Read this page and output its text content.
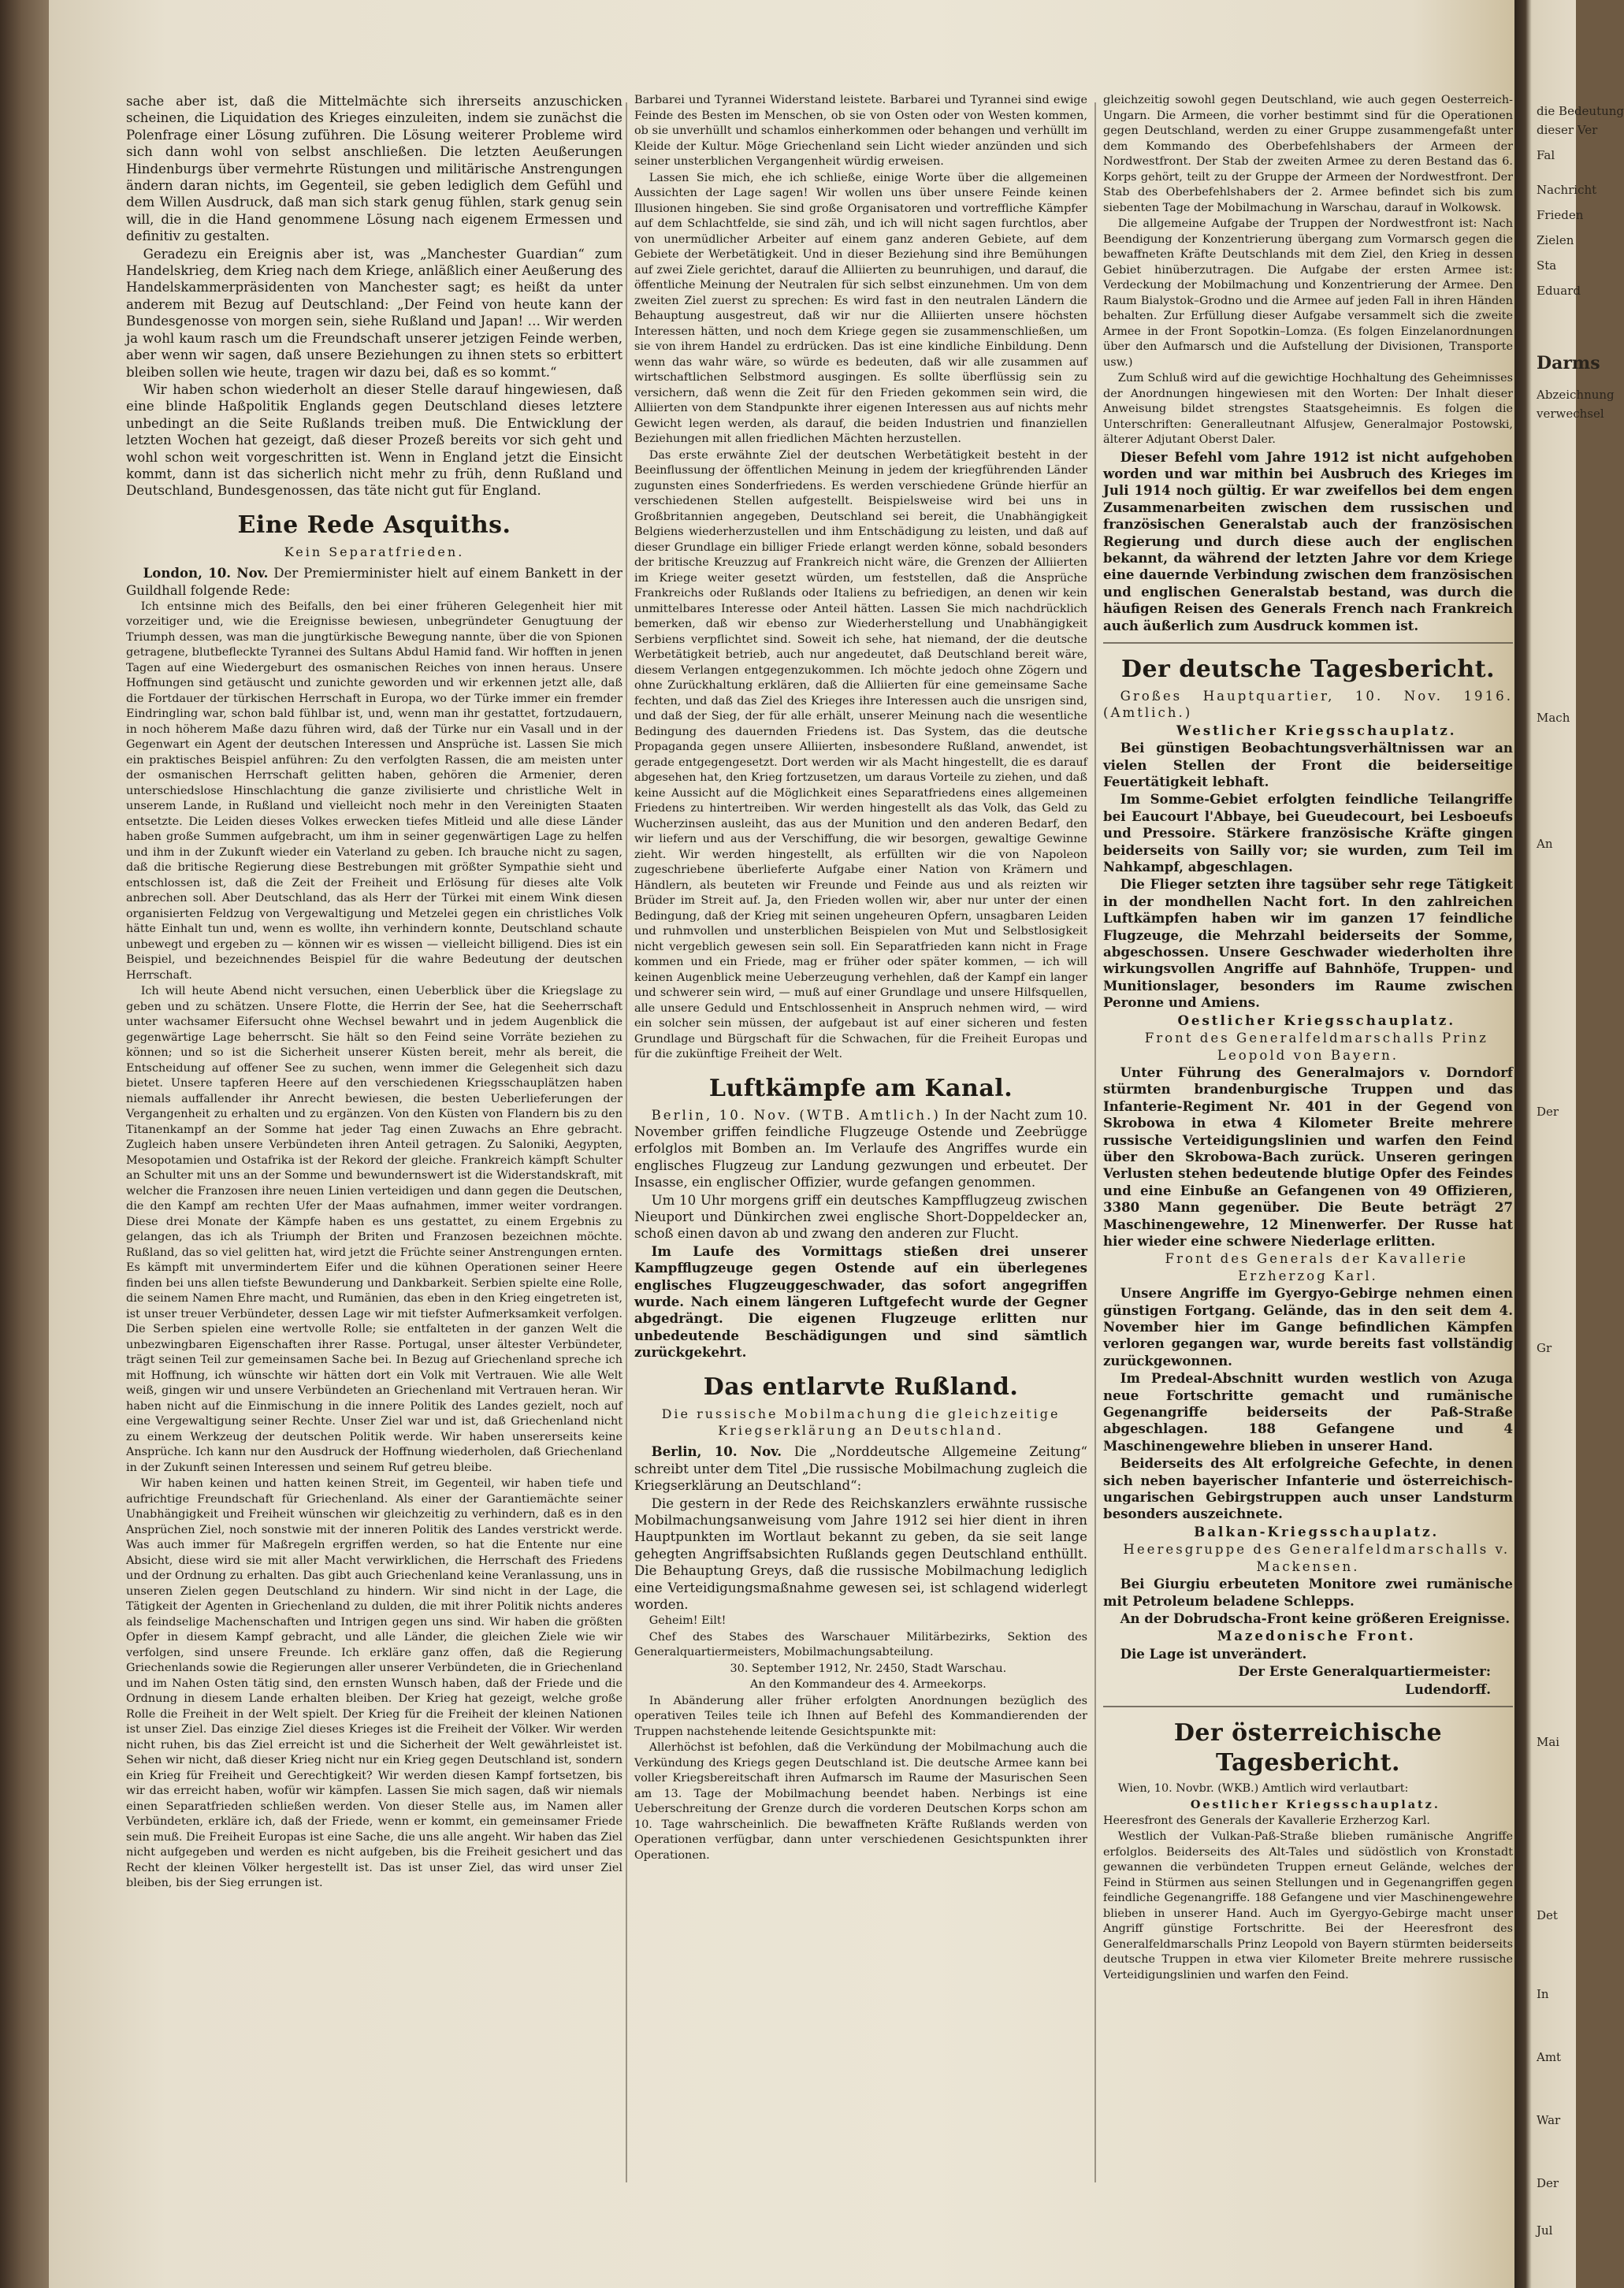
sache aber ist, daß die Mittelmächte sich ihrerseits anzuschicken scheinen, die Liquidation des Krieges einzuleiten, indem sie zunächst die Polenfrage einer Lösung zuführen. Die Lösung weiterer Probleme wird sich dann wohl von selbst anschließen. Die letzten Aeußerungen Hindenburgs über vermehrte Rüstungen und militärische Anstrengungen ändern daran nichts, im Gegenteil, sie geben lediglich dem Gefühl und dem Willen Ausdruck, daß man sich stark genug fühlen, stark genug sein will, die in die Hand genommene Lösung nach eigenem Ermessen und definitiv zu gestalten.

Geradezu ein Ereignis aber ist, was „Manchester Guardian“ zum Handelskrieg, dem Krieg nach dem Kriege, anläßlich einer Aeußerung des Handelskammerpräsidenten von Manchester sagt; es heißt da unter anderem mit Bezug auf Deutschland: „Der Feind von heute kann der Bundesgenosse von morgen sein, siehe Rußland und Japan! … Wir werden ja wohl kaum rasch um die Freundschaft unserer jetzigen Feinde werben, aber wenn wir sagen, daß unsere Beziehungen zu ihnen stets so erbittert bleiben sollen wie heute, tragen wir dazu bei, daß es so kommt.“

Wir haben schon wiederholt an dieser Stelle darauf hingewiesen, daß eine blinde Haßpolitik Englands gegen Deutschland dieses letztere unbedingt an die Seite Rußlands treiben muß. Die Entwicklung der letzten Wochen hat gezeigt, daß dieser Prozeß bereits vor sich geht und wohl schon weit vorgeschritten ist. Wenn in England jetzt die Einsicht kommt, dann ist das sicherlich nicht mehr zu früh, denn Rußland und Deutschland, Bundesgenossen, das täte nicht gut für England.

Eine Rede Asquiths.
Kein Separatfrieden.

London, 10. Nov. Der Premierminister hielt auf einem Bankett in der Guildhall folgende Rede:

Ich entsinne mich des Beifalls, den bei einer früheren Gelegenheit hier mit vorzeitiger und, wie die Ereignisse bewiesen, unbegründeter Genugtuung der Triumph dessen, was man die jungtürkische Bewegung nannte, über die von Spionen getragene, blutbefleckte Tyrannei des Sultans Abdul Hamid fand. Wir hofften in jenen Tagen auf eine Wiedergeburt des osmanischen Reiches von innen heraus. Unsere Hoffnungen sind getäuscht und zunichte geworden und wir erkennen jetzt alle, daß die Fortdauer der türkischen Herrschaft in Europa, wo der Türke immer ein fremder Eindringling war, schon bald fühlbar ist, und, wenn man ihr gestattet, fortzudauern, in noch höherem Maße dazu führen wird, daß der Türke nur ein Vasall und in der Gegenwart ein Agent der deutschen Interessen und Ansprüche ist. Lassen Sie mich ein praktisches Beispiel anführen: Zu den verfolgten Rassen, die am meisten unter der osmanischen Herrschaft gelitten haben, gehören die Armenier, deren unterschiedslose Hinschlachtung die ganze zivilisierte und christliche Welt in unserem Lande, in Rußland und vielleicht noch mehr in den Vereinigten Staaten entsetzte. Die Leiden dieses Volkes erwecken tiefes Mitleid und alle diese Länder haben große Summen aufgebracht, um ihm in seiner gegenwärtigen Lage zu helfen und ihm in der Zukunft wieder ein Vaterland zu geben. Ich brauche nicht zu sagen, daß die britische Regierung diese Bestrebungen mit größter Sympathie sieht und entschlossen ist, daß die Zeit der Freiheit und Erlösung für dieses alte Volk anbrechen soll. Aber Deutschland, das als Herr der Türkei mit einem Wink diesen organisierten Feldzug von Vergewaltigung und Metzelei gegen ein christliches Volk hätte Einhalt tun und, wenn es wollte, ihn verhindern konnte, Deutschland schaute unbewegt und ergeben zu — können wir es wissen — vielleicht billigend. Dies ist ein Beispiel, und bezeichnendes Beispiel für die wahre Bedeutung der deutschen Herrschaft.

Ich will heute Abend nicht versuchen, einen Ueberblick über die Kriegslage zu geben und zu schätzen. Unsere Flotte, die Herrin der See, hat die Seeherrschaft unter wachsamer Eifersucht ohne Wechsel bewahrt und in jedem Augenblick die gegenwärtige Lage beherrscht. Sie hält so den Feind seine Vorräte beziehen zu können; und so ist die Sicherheit unserer Küsten bereit, mehr als bereit, die Entscheidung auf offener See zu suchen, wenn immer die Gelegenheit sich dazu bietet. Unsere tapferen Heere auf den verschiedenen Kriegsschauplätzen haben niemals auffallender ihr Anrecht bewiesen, die besten Ueberlieferungen der Vergangenheit zu erhalten und zu ergänzen. Von den Küsten von Flandern bis zu den Titanenkampf an der Somme hat jeder Tag einen Zuwachs an Ehre gebracht. Zugleich haben unsere Verbündeten ihren Anteil getragen. Zu Saloniki, Aegypten, Mesopotamien und Ostafrika ist der Rekord der gleiche. Frankreich kämpft Schulter an Schulter mit uns an der Somme und bewundernswert ist die Widerstandskraft, mit welcher die Franzosen ihre neuen Linien verteidigen und dann gegen die Deutschen, die den Kampf am rechten Ufer der Maas aufnahmen, immer weiter vordrangen. Diese drei Monate der Kämpfe haben es uns gestattet, zu einem Ergebnis zu gelangen, das ich als Triumph der Briten und Franzosen bezeichnen möchte. Rußland, das so viel gelitten hat, wird jetzt die Früchte seiner Anstrengungen ernten. Es kämpft mit unvermindertem Eifer und die kühnen Operationen seiner Heere finden bei uns allen tiefste Bewunderung und Dankbarkeit. Serbien spielte eine Rolle, die seinem Namen Ehre macht, und Rumänien, das eben in den Krieg eingetreten ist, ist unser treuer Verbündeter, dessen Lage wir mit tiefster Aufmerksamkeit verfolgen. Die Serben spielen eine wertvolle Rolle; sie entfalteten in der ganzen Welt die unbezwingbaren Eigenschaften ihrer Rasse. Portugal, unser ältester Verbündeter, trägt seinen Teil zur gemeinsamen Sache bei. In Bezug auf Griechenland spreche ich mit Hoffnung, ich wünschte wir hätten dort ein Volk mit Vertrauen. Wie alle Welt weiß, gingen wir und unsere Verbündeten an Griechenland mit Vertrauen heran. Wir haben nicht auf die Einmischung in die innere Politik des Landes gezielt, noch auf eine Vergewaltigung seiner Rechte. Unser Ziel war und ist, daß Griechenland nicht zu einem Werkzeug der deutschen Politik werde. Wir haben unsererseits keine Ansprüche. Ich kann nur den Ausdruck der Hoffnung wiederholen, daß Griechenland in der Zukunft seinen Interessen und seinem Ruf getreu bleibe.

Wir haben keinen und hatten keinen Streit, im Gegenteil, wir haben tiefe und aufrichtige Freundschaft für Griechenland. Als einer der Garantiemächte seiner Unabhängigkeit und Freiheit wünschen wir gleichzeitig zu verhindern, daß es in den Ansprüchen Ziel, noch sonstwie mit der inneren Politik des Landes verstrickt werde. Was auch immer für Maßregeln ergriffen werden, so hat die Entente nur eine Absicht, diese wird sie mit aller Macht verwirklichen, die Herrschaft des Friedens und der Ordnung zu erhalten. Das gibt auch Griechenland keine Veranlassung, uns in unseren Zielen gegen Deutschland zu hindern. Wir sind nicht in der Lage, die Tätigkeit der Agenten in Griechenland zu dulden, die mit ihrer Politik nichts anderes als feindselige Machenschaften und Intrigen gegen uns sind. Wir haben die größten Opfer in diesem Kampf gebracht, und alle Länder, die gleichen Ziele wie wir verfolgen, sind unsere Freunde. Ich erkläre ganz offen, daß die Regierung Griechenlands sowie die Regierungen aller unserer Verbündeten, die in Griechenland und im Nahen Osten tätig sind, den ernsten Wunsch haben, daß der Friede und die Ordnung in diesem Lande erhalten bleiben. Der Krieg hat gezeigt, welche große Rolle die Freiheit in der Welt spielt. Der Krieg für die Freiheit der kleinen Nationen ist unser Ziel. Das einzige Ziel dieses Krieges ist die Freiheit der Völker. Wir werden nicht ruhen, bis das Ziel erreicht ist und die Sicherheit der Welt gewährleistet ist. Sehen wir nicht, daß dieser Krieg nicht nur ein Krieg gegen Deutschland ist, sondern ein Krieg für Freiheit und Gerechtigkeit? Wir werden diesen Kampf fortsetzen, bis wir das erreicht haben, wofür wir kämpfen. Lassen Sie mich sagen, daß wir niemals einen Separatfrieden schließen werden. Von dieser Stelle aus, im Namen aller Verbündeten, erkläre ich, daß der Friede, wenn er kommt, ein gemeinsamer Friede sein muß. Die Freiheit Europas ist eine Sache, die uns alle angeht. Wir haben das Ziel nicht aufgegeben und werden es nicht aufgeben, bis die Freiheit gesichert und das Recht der kleinen Völker hergestellt ist. Das ist unser Ziel, das wird unser Ziel bleiben, bis der Sieg errungen ist.

Barbarei und Tyrannei Widerstand leistete. Barbarei und Tyrannei sind ewige Feinde des Besten im Menschen, ob sie von Osten oder von Westen kommen, ob sie unverhüllt und schamlos einherkommen oder behangen und verhüllt im Kleide der Kultur. Möge Griechenland sein Licht wieder anzünden und sich seiner unsterblichen Vergangenheit würdig erweisen.

Lassen Sie mich, ehe ich schließe, einige Worte über die allgemeinen Aussichten der Lage sagen! Wir wollen uns über unsere Feinde keinen Illusionen hingeben. Sie sind große Organisatoren und vortreffliche Kämpfer auf dem Schlachtfelde, sie sind zäh, und ich will nicht sagen furchtlos, aber von unermüdlicher Arbeiter auf einem ganz anderen Gebiete, auf dem Gebiete der Werbetätigkeit. Und in dieser Beziehung sind ihre Bemühungen auf zwei Ziele gerichtet, darauf die Alliierten zu beunruhigen, und darauf, die öffentliche Meinung der Neutralen für sich selbst einzunehmen. Um von dem zweiten Ziel zuerst zu sprechen: Es wird fast in den neutralen Ländern die Behauptung ausgestreut, daß wir nur die Alliierten unsere höchsten Interessen hätten, und noch dem Kriege gegen sie zusammenschließen, um sie von ihrem Handel zu erdrücken. Das ist eine kindliche Einbildung. Denn wenn das wahr wäre, so würde es bedeuten, daß wir alle zusammen auf wirtschaftlichen Selbstmord ausgingen. Es sollte überflüssig sein zu versichern, daß wenn die Zeit für den Frieden gekommen sein wird, die Alliierten von dem Standpunkte ihrer eigenen Interessen aus auf nichts mehr Gewicht legen werden, als darauf, die beiden Industrien und finanziellen Beziehungen mit allen friedlichen Mächten herzustellen.

Das erste erwähnte Ziel der deutschen Werbetätigkeit besteht in der Beeinflussung der öffentlichen Meinung in jedem der kriegführenden Länder zugunsten eines Sonderfriedens. Es werden verschiedene Gründe hierfür an verschiedenen Stellen aufgestellt. Beispielsweise wird bei uns in Großbritannien angegeben, Deutschland sei bereit, die Unabhängigkeit Belgiens wiederherzustellen und ihm Entschädigung zu leisten, und daß auf dieser Grundlage ein billiger Friede erlangt werden könne, sobald besonders der britische Kreuzzug auf Frankreich nicht wäre, die Grenzen der Alliierten im Kriege weiter gesetzt würden, um feststellen, daß die Ansprüche Frankreichs oder Rußlands oder Italiens zu befriedigen, an denen wir kein unmittelbares Interesse oder Anteil hätten. Lassen Sie mich nachdrücklich bemerken, daß wir ebenso zur Wiederherstellung und Unabhängigkeit Serbiens verpflichtet sind. Soweit ich sehe, hat niemand, der die deutsche Werbetätigkeit betrieb, auch nur angedeutet, daß Deutschland bereit wäre, diesem Verlangen entgegenzukommen. Ich möchte jedoch ohne Zögern und ohne Zurückhaltung erklären, daß die Alliierten für eine gemeinsame Sache fechten, und daß das Ziel des Krieges ihre Interessen auch die unsrigen sind, und daß der Sieg, der für alle erhält, unserer Meinung nach die wesentliche Bedingung des dauernden Friedens ist. Das System, das die deutsche Propaganda gegen unsere Alliierten, insbesondere Rußland, anwendet, ist gerade entgegengesetzt. Dort werden wir als Macht hingestellt, die es darauf abgesehen hat, den Krieg fortzusetzen, um daraus Vorteile zu ziehen, und daß keine Aussicht auf die Möglichkeit eines Separatfriedens eines allgemeinen Friedens zu hintertreiben. Wir werden hingestellt als das Volk, das Geld zu Wucherzinsen ausleiht, das aus der Munition und den anderen Bedarf, den wir liefern und aus der Verschiffung, die wir besorgen, gewaltige Gewinne zieht. Wir werden hingestellt, als erfüllten wir die von Napoleon zugeschriebene überlieferte Aufgabe einer Nation von Krämern und Händlern, als beuteten wir Freunde und Feinde aus und als reizten wir Brüder im Streit auf. Ja, den Frieden wollen wir, aber nur unter der einen Bedingung, daß der Krieg mit seinen ungeheuren Opfern, unsagbaren Leiden und ruhmvollen und unsterblichen Beispielen von Mut und Selbstlosigkeit nicht vergeblich gewesen sein soll. Ein Separatfrieden kann nicht in Frage kommen und ein Friede, mag er früher oder später kommen, — ich will keinen Augenblick meine Ueberzeugung verhehlen, daß der Kampf ein langer und schwerer sein wird, — muß auf einer Grundlage und unsere Hilfsquellen, alle unsere Geduld und Entschlossenheit in Anspruch nehmen wird, — wird ein solcher sein müssen, der aufgebaut ist auf einer sicheren und festen Grundlage und Bürgschaft für die Schwachen, für die Freiheit Europas und für die zukünftige Freiheit der Welt.

Luftkämpfe am Kanal.

Berlin, 10. Nov. (WTB. Amtlich.) In der Nacht zum 10. November griffen feindliche Flugzeuge Ostende und Zeebrügge erfolglos mit Bomben an. Im Verlaufe des Angriffes wurde ein englisches Flugzeug zur Landung gezwungen und erbeutet. Der Insasse, ein englischer Offizier, wurde gefangen genommen.

Um 10 Uhr morgens griff ein deutsches Kampfflugzeug zwischen Nieuport und Dünkirchen zwei englische Short-Doppeldecker an, schoß einen davon ab und zwang den anderen zur Flucht.

Im Laufe des Vormittags stießen drei unserer Kampfflugzeuge gegen Ostende auf ein überlegenes englisches Flugzeuggeschwader, das sofort angegriffen wurde. Nach einem längeren Luftgefecht wurde der Gegner abgedrängt. Die eigenen Flugzeuge erlitten nur unbedeutende Beschädigungen und sind sämtlich zurückgekehrt.

Das entlarvte Rußland.
Die russische Mobilmachung die gleichzeitige Kriegserklärung an Deutschland.

Berlin, 10. Nov. Die „Norddeutsche Allgemeine Zeitung“ schreibt unter dem Titel „Die russische Mobilmachung zugleich die Kriegserklärung an Deutschland“:

Die gestern in der Rede des Reichskanzlers erwähnte russische Mobilmachungsanweisung vom Jahre 1912 sei hier dient in ihren Hauptpunkten im Wortlaut bekannt zu geben, da sie seit lange gehegten Angriffsabsichten Rußlands gegen Deutschland enthüllt. Die Behauptung Greys, daß die russische Mobilmachung lediglich eine Verteidigungsmaßnahme gewesen sei, ist schlagend widerlegt worden.

Geheim! Eilt!

Chef des Stabes des Warschauer Militärbezirks, Sektion des Generalquartiermeisters, Mobilmachungsabteilung.

30. September 1912, Nr. 2450, Stadt Warschau.

An den Kommandeur des 4. Armeekorps.

In Abänderung aller früher erfolgten Anordnungen bezüglich des operativen Teiles teile ich Ihnen auf Befehl des Kommandierenden der Truppen nachstehende leitende Gesichtspunkte mit:

Allerhöchst ist befohlen, daß die Verkündung der Mobilmachung auch die Verkündung des Kriegs gegen Deutschland ist. Die deutsche Armee kann bei voller Kriegsbereitschaft ihren Aufmarsch im Raume der Masurischen Seen am 13. Tage der Mobilmachung beendet haben. Nerbings ist eine Ueberschreitung der Grenze durch die vorderen Deutschen Korps schon am 10. Tage wahrscheinlich. Die bewaffneten Kräfte Rußlands werden von Operationen verfügbar, dann unter verschiedenen Gesichtspunkten ihrer Operationen.

gleichzeitig sowohl gegen Deutschland, wie auch gegen Oesterreich-Ungarn. Die Armeen, die vorher bestimmt sind für die Operationen gegen Deutschland, werden zu einer Gruppe zusammengefaßt unter dem Kommando des Oberbefehlshabers der Armeen der Nordwestfront. Der Stab der zweiten Armee zu deren Bestand das 6. Korps gehört, teilt zu der Gruppe der Armeen der Nordwestfront. Der Stab des Oberbefehlshabers der 2. Armee befindet sich bis zum siebenten Tage der Mobilmachung in Warschau, darauf in Wolkowsk.

Die allgemeine Aufgabe der Truppen der Nordwestfront ist: Nach Beendigung der Konzentrierung übergang zum Vormarsch gegen die bewaffneten Kräfte Deutschlands mit dem Ziel, den Krieg in dessen Gebiet hinüberzutragen. Die Aufgabe der ersten Armee ist: Verdeckung der Mobilmachung und Konzentrierung der Armee. Den Raum Bialystok–Grodno und die Armee auf jeden Fall in ihren Händen behalten. Zur Erfüllung dieser Aufgabe versammelt sich die zweite Armee in der Front Sopotkin–Lomza. (Es folgen Einzelanordnungen über den Aufmarsch und die Aufstellung der Divisionen, Transporte usw.)

Zum Schluß wird auf die gewichtige Hochhaltung des Geheimnisses der Anordnungen hingewiesen mit den Worten: Der Inhalt dieser Anweisung bildet strengstes Staatsgeheimnis. Es folgen die Unterschriften: Generalleutnant Alfusjew, Generalmajor Postowski, älterer Adjutant Oberst Daler.

Dieser Befehl vom Jahre 1912 ist nicht aufgehoben worden und war mithin bei Ausbruch des Krieges im Juli 1914 noch gültig. Er war zweifellos bei dem engen Zusammenarbeiten zwischen dem russischen und französischen Generalstab auch der französischen Regierung und durch diese auch der englischen bekannt, da während der letzten Jahre vor dem Kriege eine dauernde Verbindung zwischen dem französischen und englischen Generalstab bestand, was durch die häufigen Reisen des Generals French nach Frankreich auch äußerlich zum Ausdruck kommen ist.

Der deutsche Tagesbericht.

Großes Hauptquartier, 10. Nov. 1916. (Amtlich.)

Westlicher Kriegsschauplatz.

Bei günstigen Beobachtungsverhältnissen war an vielen Stellen der Front die beiderseitige Feuertätigkeit lebhaft.

Im Somme-Gebiet erfolgten feindliche Teilangriffe bei Eaucourt l'Abbaye, bei Gueudecourt, bei Lesboeufs und Pressoire. Stärkere französische Kräfte gingen beiderseits von Sailly vor; sie wurden, zum Teil im Nahkampf, abgeschlagen.

Die Flieger setzten ihre tagsüber sehr rege Tätigkeit in der mondhellen Nacht fort. In den zahlreichen Luftkämpfen haben wir im ganzen 17 feindliche Flugzeuge, die Mehrzahl beiderseits der Somme, abgeschossen. Unsere Geschwader wiederholten ihre wirkungsvollen Angriffe auf Bahnhöfe, Truppen- und Munitionslager, besonders im Raume zwischen Peronne und Amiens.

Oestlicher Kriegsschauplatz.

Front des Generalfeldmarschalls Prinz Leopold von Bayern.

Unter Führung des Generalmajors v. Dorndorf stürmten brandenburgische Truppen und das Infanterie-Regiment Nr. 401 in der Gegend von Skrobowa in etwa 4 Kilometer Breite mehrere russische Verteidigungslinien und warfen den Feind über den Skrobowa-Bach zurück. Unseren geringen Verlusten stehen bedeutende blutige Opfer des Feindes und eine Einbuße an Gefangenen von 49 Offizieren, 3380 Mann gegenüber. Die Beute beträgt 27 Maschinengewehre, 12 Minenwerfer. Der Russe hat hier wieder eine schwere Niederlage erlitten.

Front des Generals der Kavallerie Erzherzog Karl.

Unsere Angriffe im Gyergyo-Gebirge nehmen einen günstigen Fortgang. Gelände, das in den seit dem 4. November hier im Gange befindlichen Kämpfen verloren gegangen war, wurde bereits fast vollständig zurückgewonnen.

Im Predeal-Abschnitt wurden westlich von Azuga neue Fortschritte gemacht und rumänische Gegenangriffe beiderseits der Paß-Straße abgeschlagen. 188 Gefangene und 4 Maschinengewehre blieben in unserer Hand.

Beiderseits des Alt erfolgreiche Gefechte, in denen sich neben bayerischer Infanterie und österreichisch-ungarischen Gebirgstruppen auch unser Landsturm besonders auszeichnete.

Balkan-Kriegsschauplatz.

Heeresgruppe des Generalfeldmarschalls v. Mackensen.

Bei Giurgiu erbeuteten Monitore zwei rumänische mit Petroleum beladene Schlepps.

An der Dobrudscha-Front keine größeren Ereignisse.

Mazedonische Front.

Die Lage ist unverändert.

Der Erste Generalquartiermeister:

Ludendorff.

Der österreichische Tagesbericht.

Wien, 10. Novbr. (WKB.) Amtlich wird verlautbart:

Oestlicher Kriegsschauplatz.

Heeresfront des Generals der Kavallerie Erzherzog Karl.

Westlich der Vulkan-Paß-Straße blieben rumänische Angriffe erfolglos. Beiderseits des Alt-Tales und südöstlich von Kronstadt gewannen die verbündeten Truppen erneut Gelände, welches der Feind in Stürmen aus seinen Stellungen und in Gegenangriffen gegen feindliche Gegenangriffe. 188 Gefangene und vier Maschinengewehre blieben in unserer Hand. Auch im Gyergyo-Gebirge macht unser Angriff günstige Fortschritte. Bei der Heeresfront des Generalfeldmarschalls Prinz Leopold von Bayern stürmten beiderseits deutsche Truppen in etwa vier Kilometer Breite mehrere russische Verteidigungslinien und warfen den Feind.

die Bedeutung
dieser Ver
Fal
Nachricht
Frieden
Zielen
Sta
Eduard
Darms
Abzeichnung
verwechsel
Mach
An
Der
Gr
Mai
Det
In
Amt
War
Der
Jul
